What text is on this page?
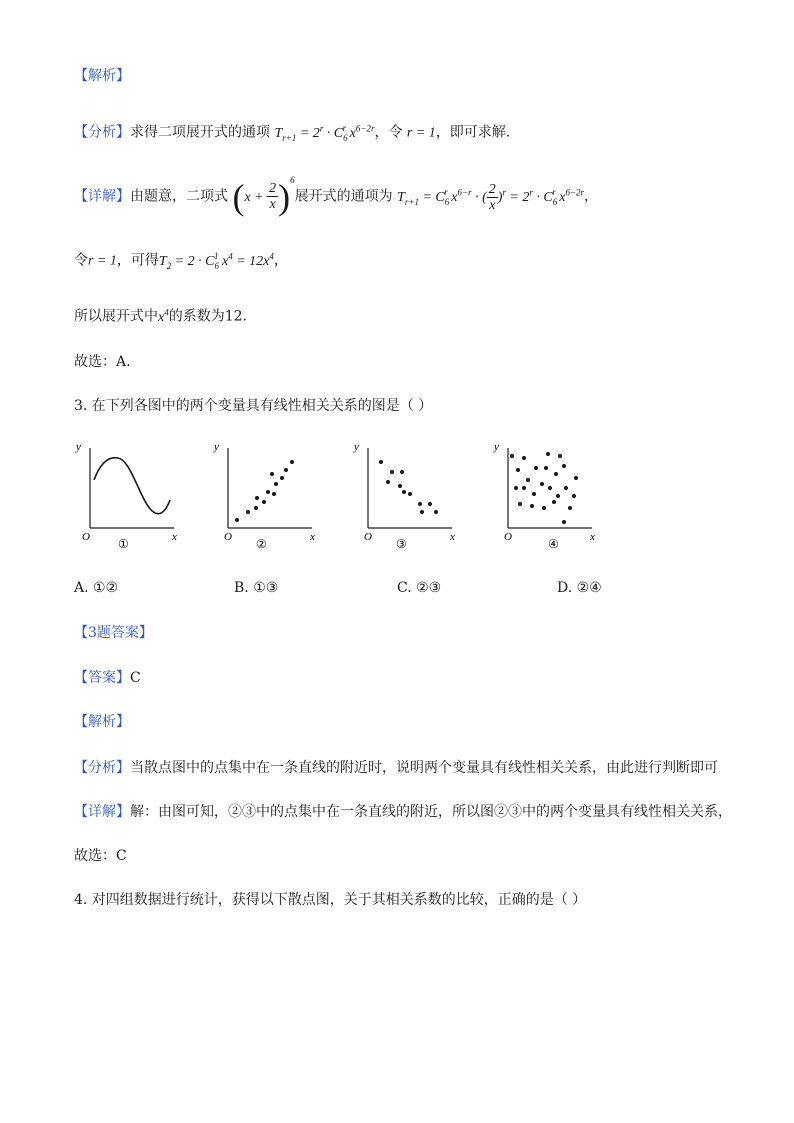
【解析】
【分析】求得二项展开式的通项 $T_{r+1} = 2^r \cdot C_6^r$ $x^{6-2r}$，令 r = 1，即可求解.
【详解】由题意，二项式 $(x + \frac{2}{x} )^6$展开式的通项为 $T_{r+1} = C_6^r$ $x^{6-r}$ · ( $\frac{2}{x} )^r = 2^r \cdot C_6^r$ $x^{6-2r}$，
令r = 1，可得$T_2 = 2 \cdot C_6^1$ $x^4 = 12x^4$，
所以展开式中$x^4$的系数为12.
故选：A.
3. 在下列各图中的两个变量具有线性相关关系的图是（ ）
y
x
O ①
y
x
O ②
y
x
O ③
y
x
O	④
A. ①②	B. ①③	C. ②③	D. ②④
【3题答案】
【答案】C
【解析】
【分析】当散点图中的点集中在一条直线的附近时，说明两个变量具有线性相关关系，由此进行判断即可
【详解】解：由图可知，②③中的点集中在一条直线的附近，所以图②③中的两个变量具有线性相关关系，
故选：C
4. 对四组数据进行统计，获得以下散点图，关于其相关系数的比较，正确的是（ ）
